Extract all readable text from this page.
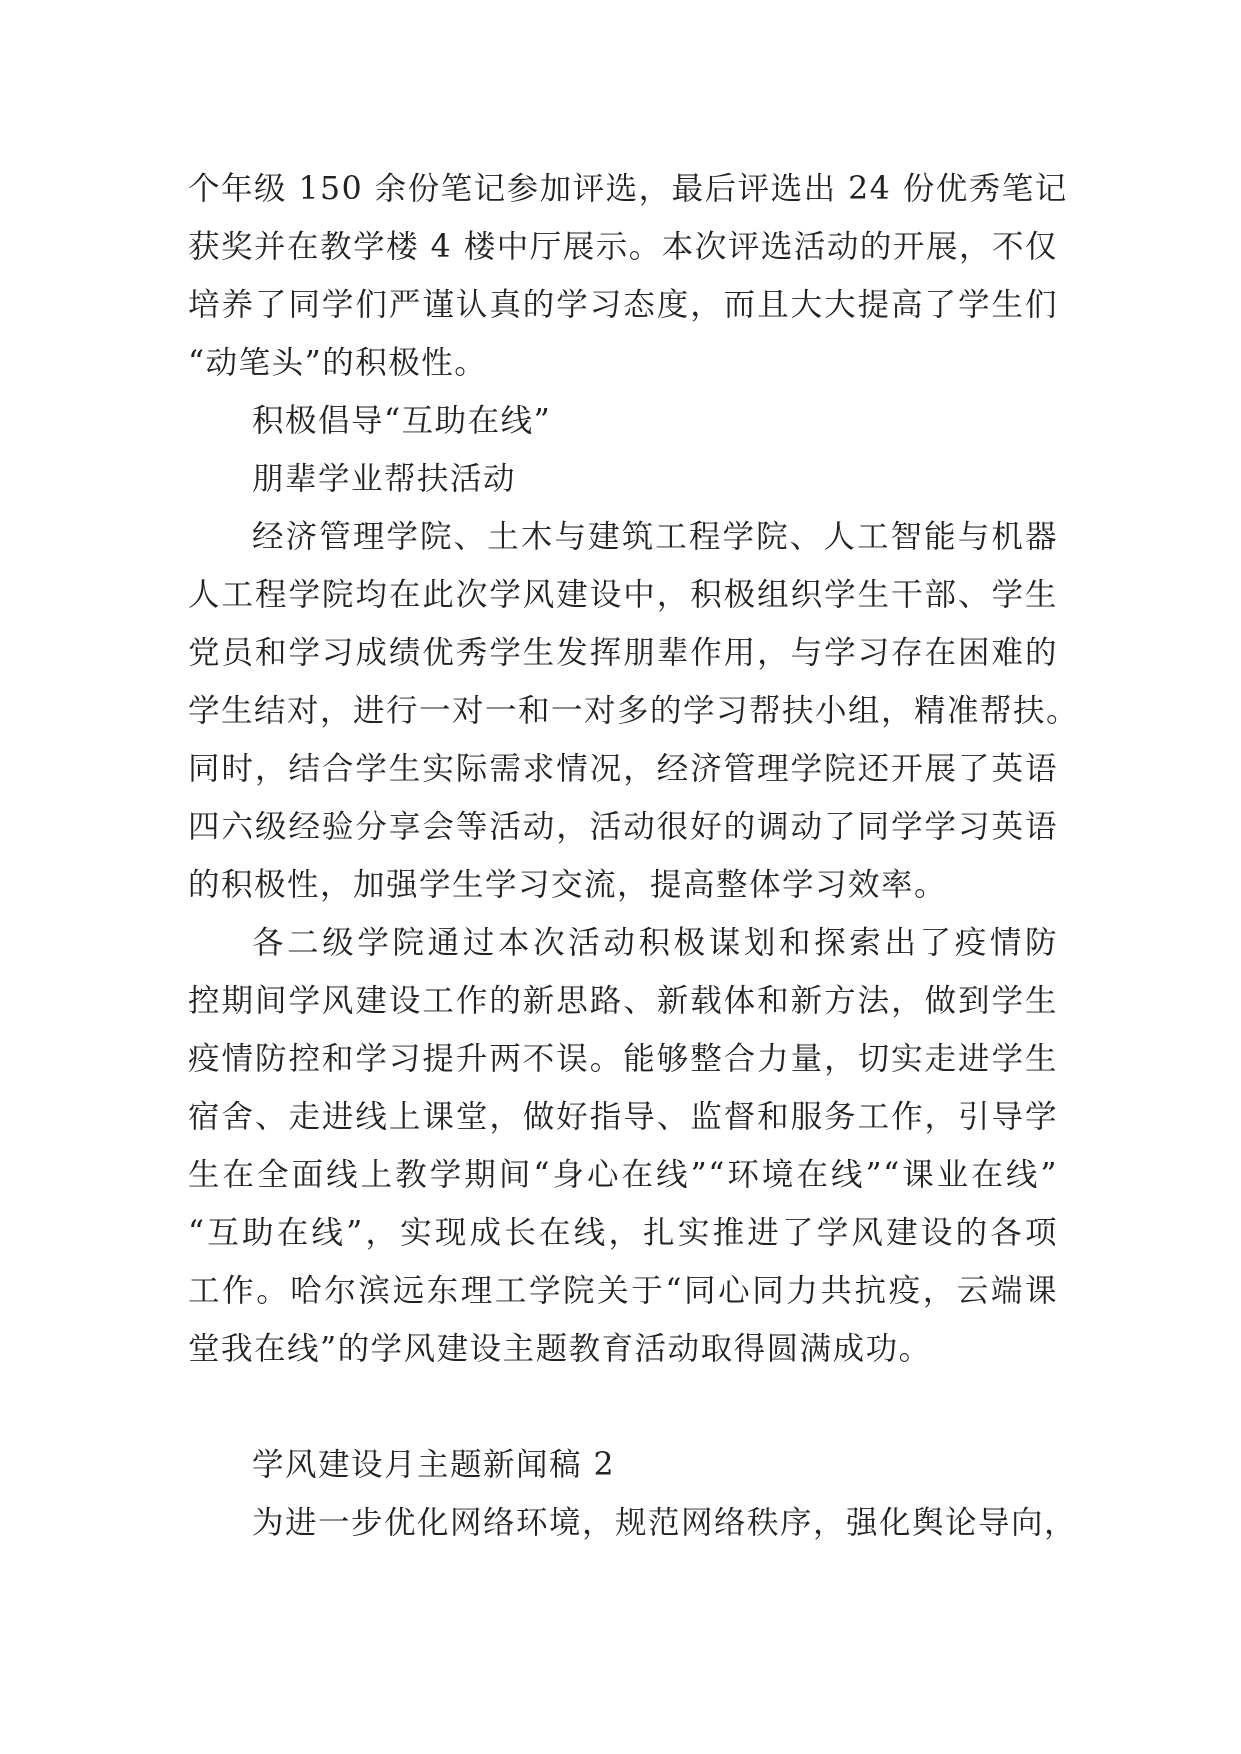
个年级 150 余份笔记参加评选，最后评选出 24 份优秀笔记
获奖并在教学楼 4 楼中厅展示。本次评选活动的开展，不仅
培养了同学们严谨认真的学习态度，而且大大提高了学生们
“动笔头”的积极性。
积极倡导“互助在线”
朋辈学业帮扶活动
经济管理学院、土木与建筑工程学院、人工智能与机器
人工程学院均在此次学风建设中，积极组织学生干部、学生
党员和学习成绩优秀学生发挥朋辈作用，与学习存在困难的
学生结对，进行一对一和一对多的学习帮扶小组，精准帮扶。
同时，结合学生实际需求情况，经济管理学院还开展了英语
四六级经验分享会等活动，活动很好的调动了同学学习英语
的积极性，加强学生学习交流，提高整体学习效率。
各二级学院通过本次活动积极谋划和探索出了疫情防
控期间学风建设工作的新思路、新载体和新方法，做到学生
疫情防控和学习提升两不误。能够整合力量，切实走进学生
宿舍、走进线上课堂，做好指导、监督和服务工作，引导学
生在全面线上教学期间“身心在线”“环境在线”“课业在线”
“互助在线”，实现成长在线，扎实推进了学风建设的各项
工作。哈尔滨远东理工学院关于“同心同力共抗疫，云端课
堂我在线”的学风建设主题教育活动取得圆满成功。
学风建设月主题新闻稿 2
为进一步优化网络环境，规范网络秩序，强化舆论导向，
